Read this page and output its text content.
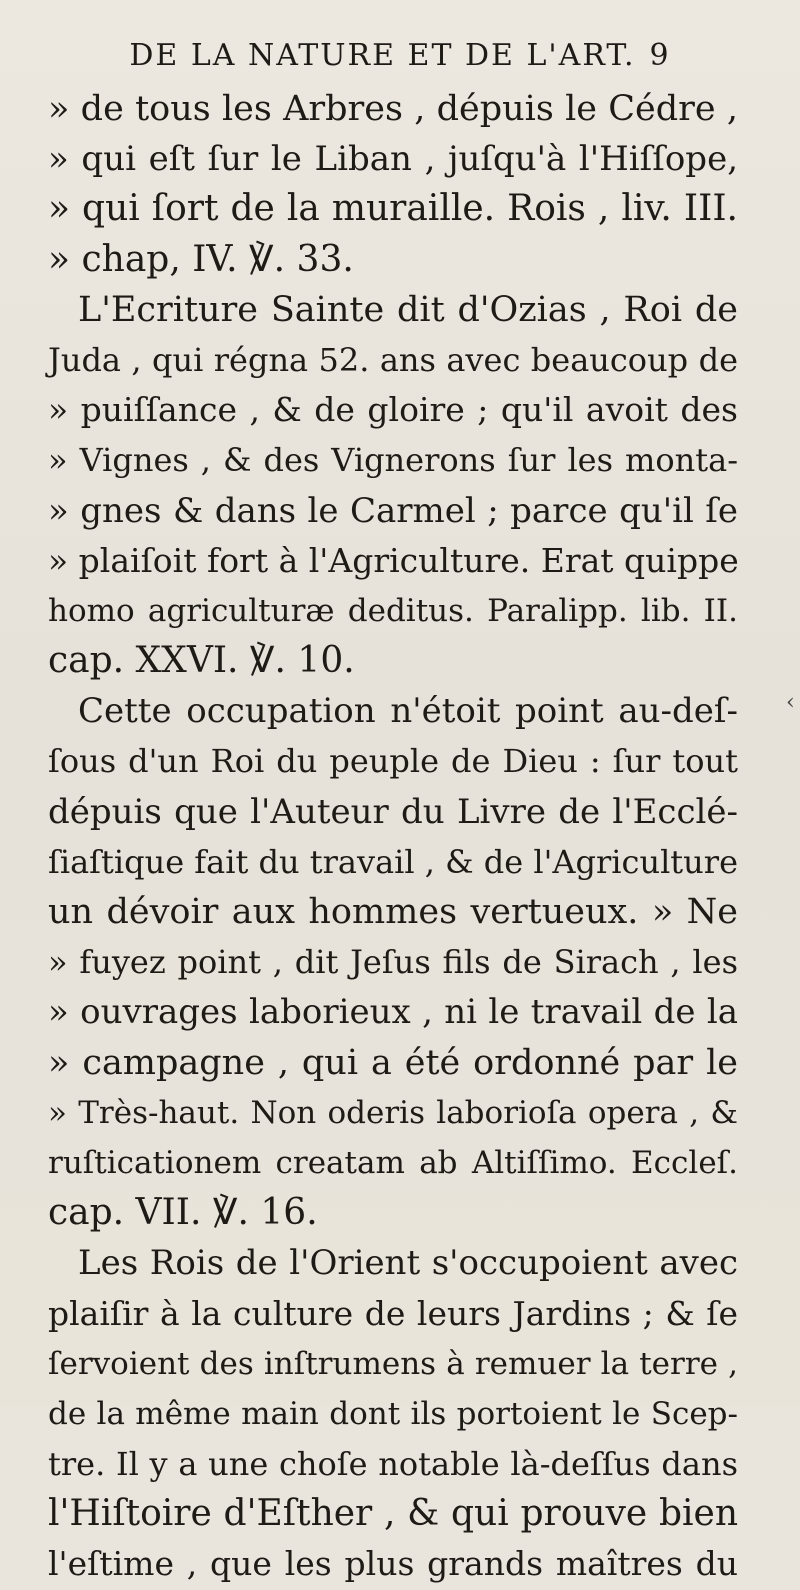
DE LA NATURE ET DE L'ART. 9
» de tous les Arbres , dépuis le Cédre ,
» qui eſt ſur le Liban , juſqu'à l'Hiſſope,
» qui ſort de la muraille. Rois , liv. III.
» chap, IV. ℣. 33.
L'Ecriture Sainte dit d'Ozias , Roi de
Juda , qui régna 52. ans avec beaucoup de
» puiſſance , & de gloire ; qu'il avoit des
» Vignes , & des Vignerons ſur les monta-
» gnes & dans le Carmel ; parce qu'il ſe
» plaiſoit fort à l'Agriculture. Erat quippe
homo agriculturæ deditus. Paralipp. lib. II.
cap. XXVI. ℣. 10.
Cette occupation n'étoit point au-deſ-
ſous d'un Roi du peuple de Dieu : ſur tout
dépuis que l'Auteur du Livre de l'Ecclé-
ſiaſtique fait du travail , & de l'Agriculture
un dévoir aux hommes vertueux. » Ne
» fuyez point , dit Jeſus fils de Sirach , les
» ouvrages laborieux , ni le travail de la
» campagne , qui a été ordonné par le
» Très-haut. Non oderis laborioſa opera , &
ruſticationem creatam ab Altiſſimo. Eccleſ.
cap. VII. ℣. 16.
Les Rois de l'Orient s'occupoient avec
plaiſir à la culture de leurs Jardins ; & ſe
ſervoient des inſtrumens à remuer la terre ,
de la même main dont ils portoient le Scep-
tre. Il y a une choſe notable là-deſſus dans
l'Hiſtoire d'Eſther , & qui prouve bien
l'eſtime , que les plus grands maîtres du
‹
